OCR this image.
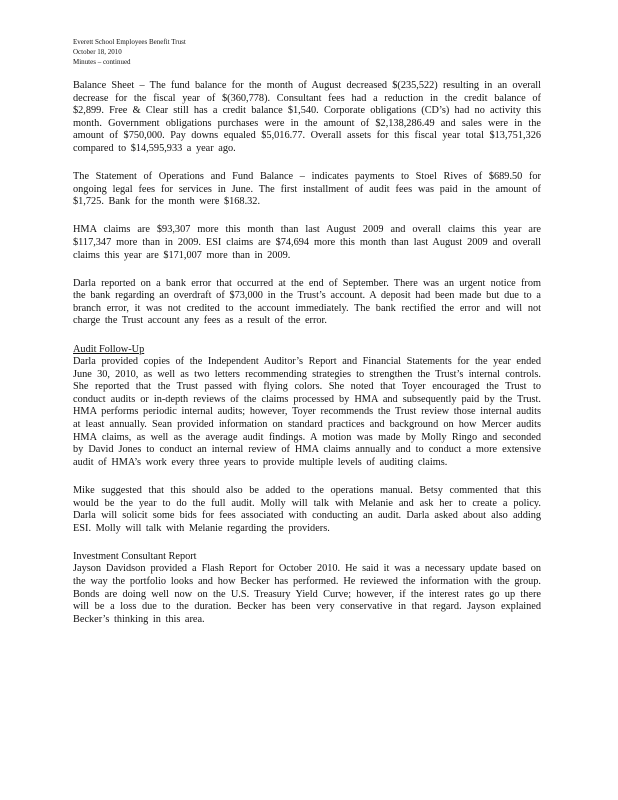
Everett School Employees Benefit Trust
October 18, 2010
Minutes – continued

Balance Sheet – The fund balance for the month of August decreased $(235,522) resulting in an overall decrease for the fiscal year of $(360,778). Consultant fees had a reduction in the credit balance of $2,899. Free & Clear still has a credit balance $1,540. Corporate obligations (CD’s) had no activity this month. Government obligations purchases were in the amount of $2,138,286.49 and sales were in the amount of $750,000. Pay downs equaled $5,016.77. Overall assets for this fiscal year total $13,751,326 compared to $14,595,933 a year ago.

The Statement of Operations and Fund Balance – indicates payments to Stoel Rives of $689.50 for ongoing legal fees for services in June. The first installment of audit fees was paid in the amount of $1,725. Bank for the month were $168.32.

HMA claims are $93,307 more this month than last August 2009 and overall claims this year are $117,347 more than in 2009. ESI claims are $74,694 more this month than last August 2009 and overall claims this year are $171,007 more than in 2009.

Darla reported on a bank error that occurred at the end of September. There was an urgent notice from the bank regarding an overdraft of $73,000 in the Trust’s account. A deposit had been made but due to a branch error, it was not credited to the account immediately. The bank rectified the error and will not charge the Trust account any fees as a result of the error.

Audit Follow-Up

Darla provided copies of the Independent Auditor’s Report and Financial Statements for the year ended June 30, 2010, as well as two letters recommending strategies to strengthen the Trust’s internal controls. She reported that the Trust passed with flying colors. She noted that Toyer encouraged the Trust to conduct audits or in-depth reviews of the claims processed by HMA and subsequently paid by the Trust. HMA performs periodic internal audits; however, Toyer recommends the Trust review those internal audits at least annually. Sean provided information on standard practices and background on how Mercer audits HMA claims, as well as the average audit findings. A motion was made by Molly Ringo and seconded by David Jones to conduct an internal review of HMA claims annually and to conduct a more extensive audit of HMA’s work every three years to provide multiple levels of auditing claims.

Mike suggested that this should also be added to the operations manual. Betsy commented that this would be the year to do the full audit. Molly will talk with Melanie and ask her to create a policy. Darla will solicit some bids for fees associated with conducting an audit. Darla asked about also adding ESI. Molly will talk with Melanie regarding the providers.

Investment Consultant Report

Jayson Davidson provided a Flash Report for October 2010. He said it was a necessary update based on the way the portfolio looks and how Becker has performed. He reviewed the information with the group. Bonds are doing well now on the U.S. Treasury Yield Curve; however, if the interest rates go up there will be a loss due to the duration. Becker has been very conservative in that regard. Jayson explained Becker’s thinking in this area.
